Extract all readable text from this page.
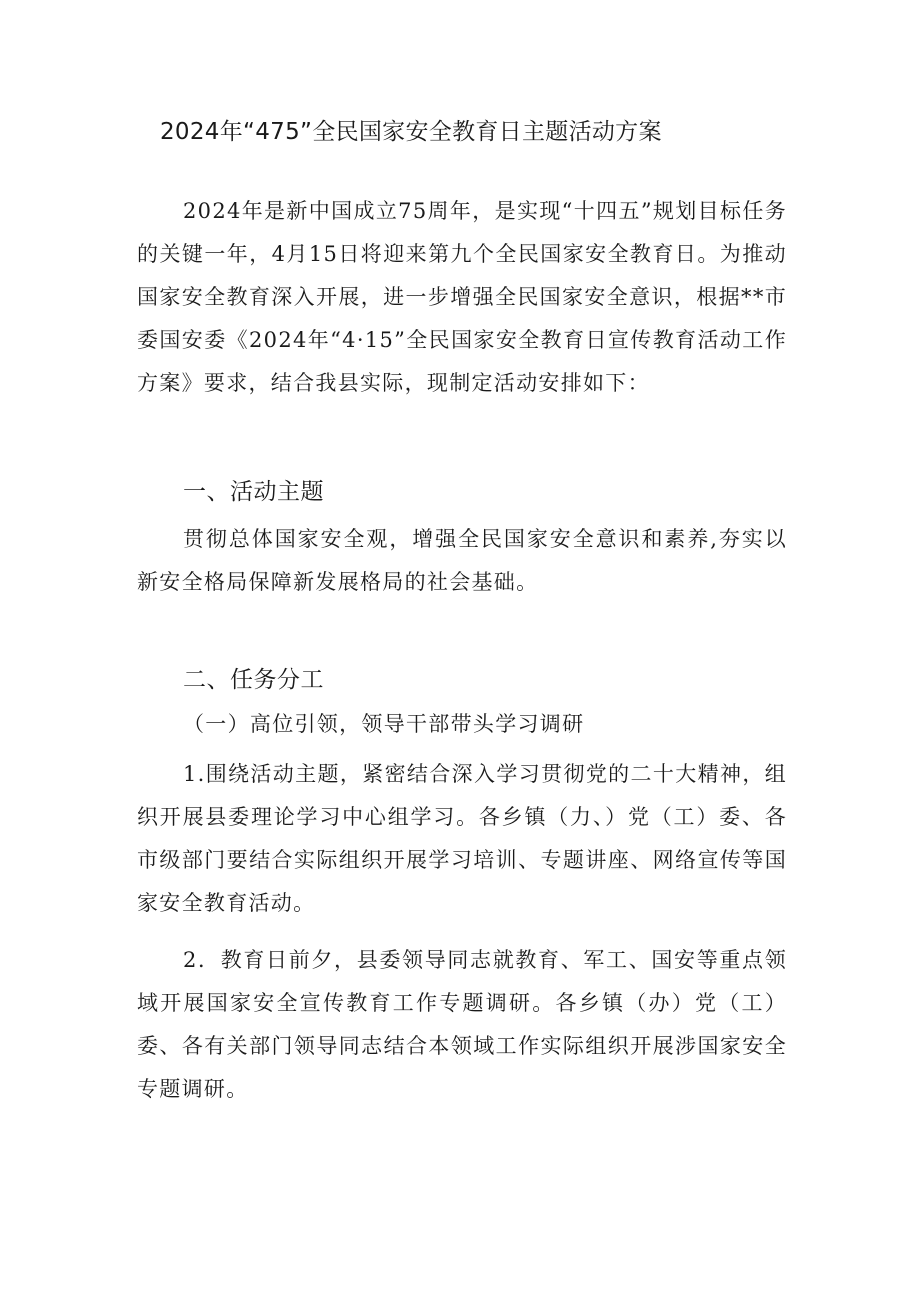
2024年“475”全民国家安全教育日主题活动方案

2024年是新中国成立75周年，是实现“十四五”规划目标任务的关键一年，4月15日将迎来第九个全民国家安全教育日。为推动国家安全教育深入开展，进一步增强全民国家安全意识，根据**市委国安委《2024年“4·15”全民国家安全教育日宣传教育活动工作方案》要求，结合我县实际，现制定活动安排如下：

一、活动主题

贯彻总体国家安全观，增强全民国家安全意识和素养,夯实以新安全格局保障新发展格局的社会基础。

二、任务分工
（一）高位引领，领导干部带头学习调研

1.围绕活动主题，紧密结合深入学习贯彻党的二十大精神，组织开展县委理论学习中心组学习。各乡镇（力、）党（工）委、各市级部门要结合实际组织开展学习培训、专题讲座、网络宣传等国家安全教育活动。

2．教育日前夕，县委领导同志就教育、军工、国安等重点领域开展国家安全宣传教育工作专题调研。各乡镇（办）党（工）委、各有关部门领导同志结合本领域工作实际组织开展涉国家安全专题调研。
